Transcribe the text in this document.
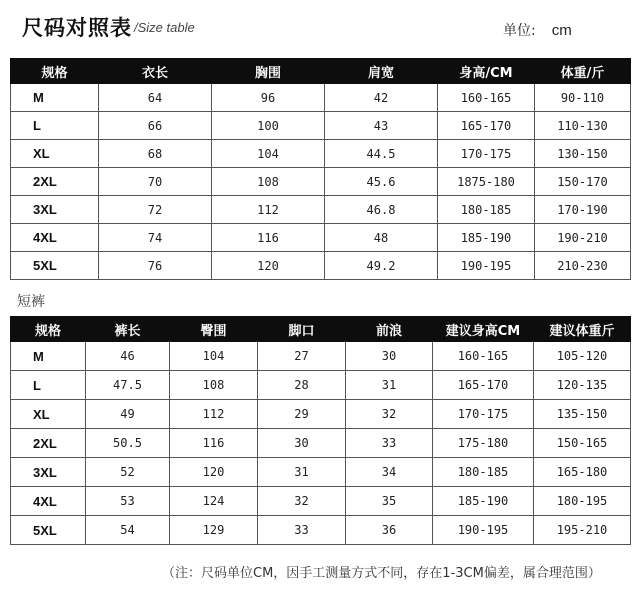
尺码对照表 /Size table	单位: cm
规格	衣长	胸围	肩宽	身高/CM	体重/斤
M	64	96	42	160-165	90-110
L	66	100	43	165-170	110-130
XL	68	104	44.5	170-175	130-150
2XL	70	108	45.6	1875-180	150-170
3XL	72	112	46.8	180-185	170-190
4XL	74	116	48	185-190	190-210
5XL	76	120	49.2	190-195	210-230
短裤
规格	裤长	臀围	脚口	前浪	建议身高CM	建议体重斤
M	46	104	27	30	160-165	105-120
L	47.5	108	28	31	165-170	120-135
XL	49	112	29	32	170-175	135-150
2XL	50.5	116	30	33	175-180	150-165
3XL	52	120	31	34	180-185	165-180
4XL	53	124	32	35	185-190	180-195
5XL	54	129	33	36	190-195	195-210
（注：尺码单位CM，因手工测量方式不同，存在1-3CM偏差，属合理范围）
